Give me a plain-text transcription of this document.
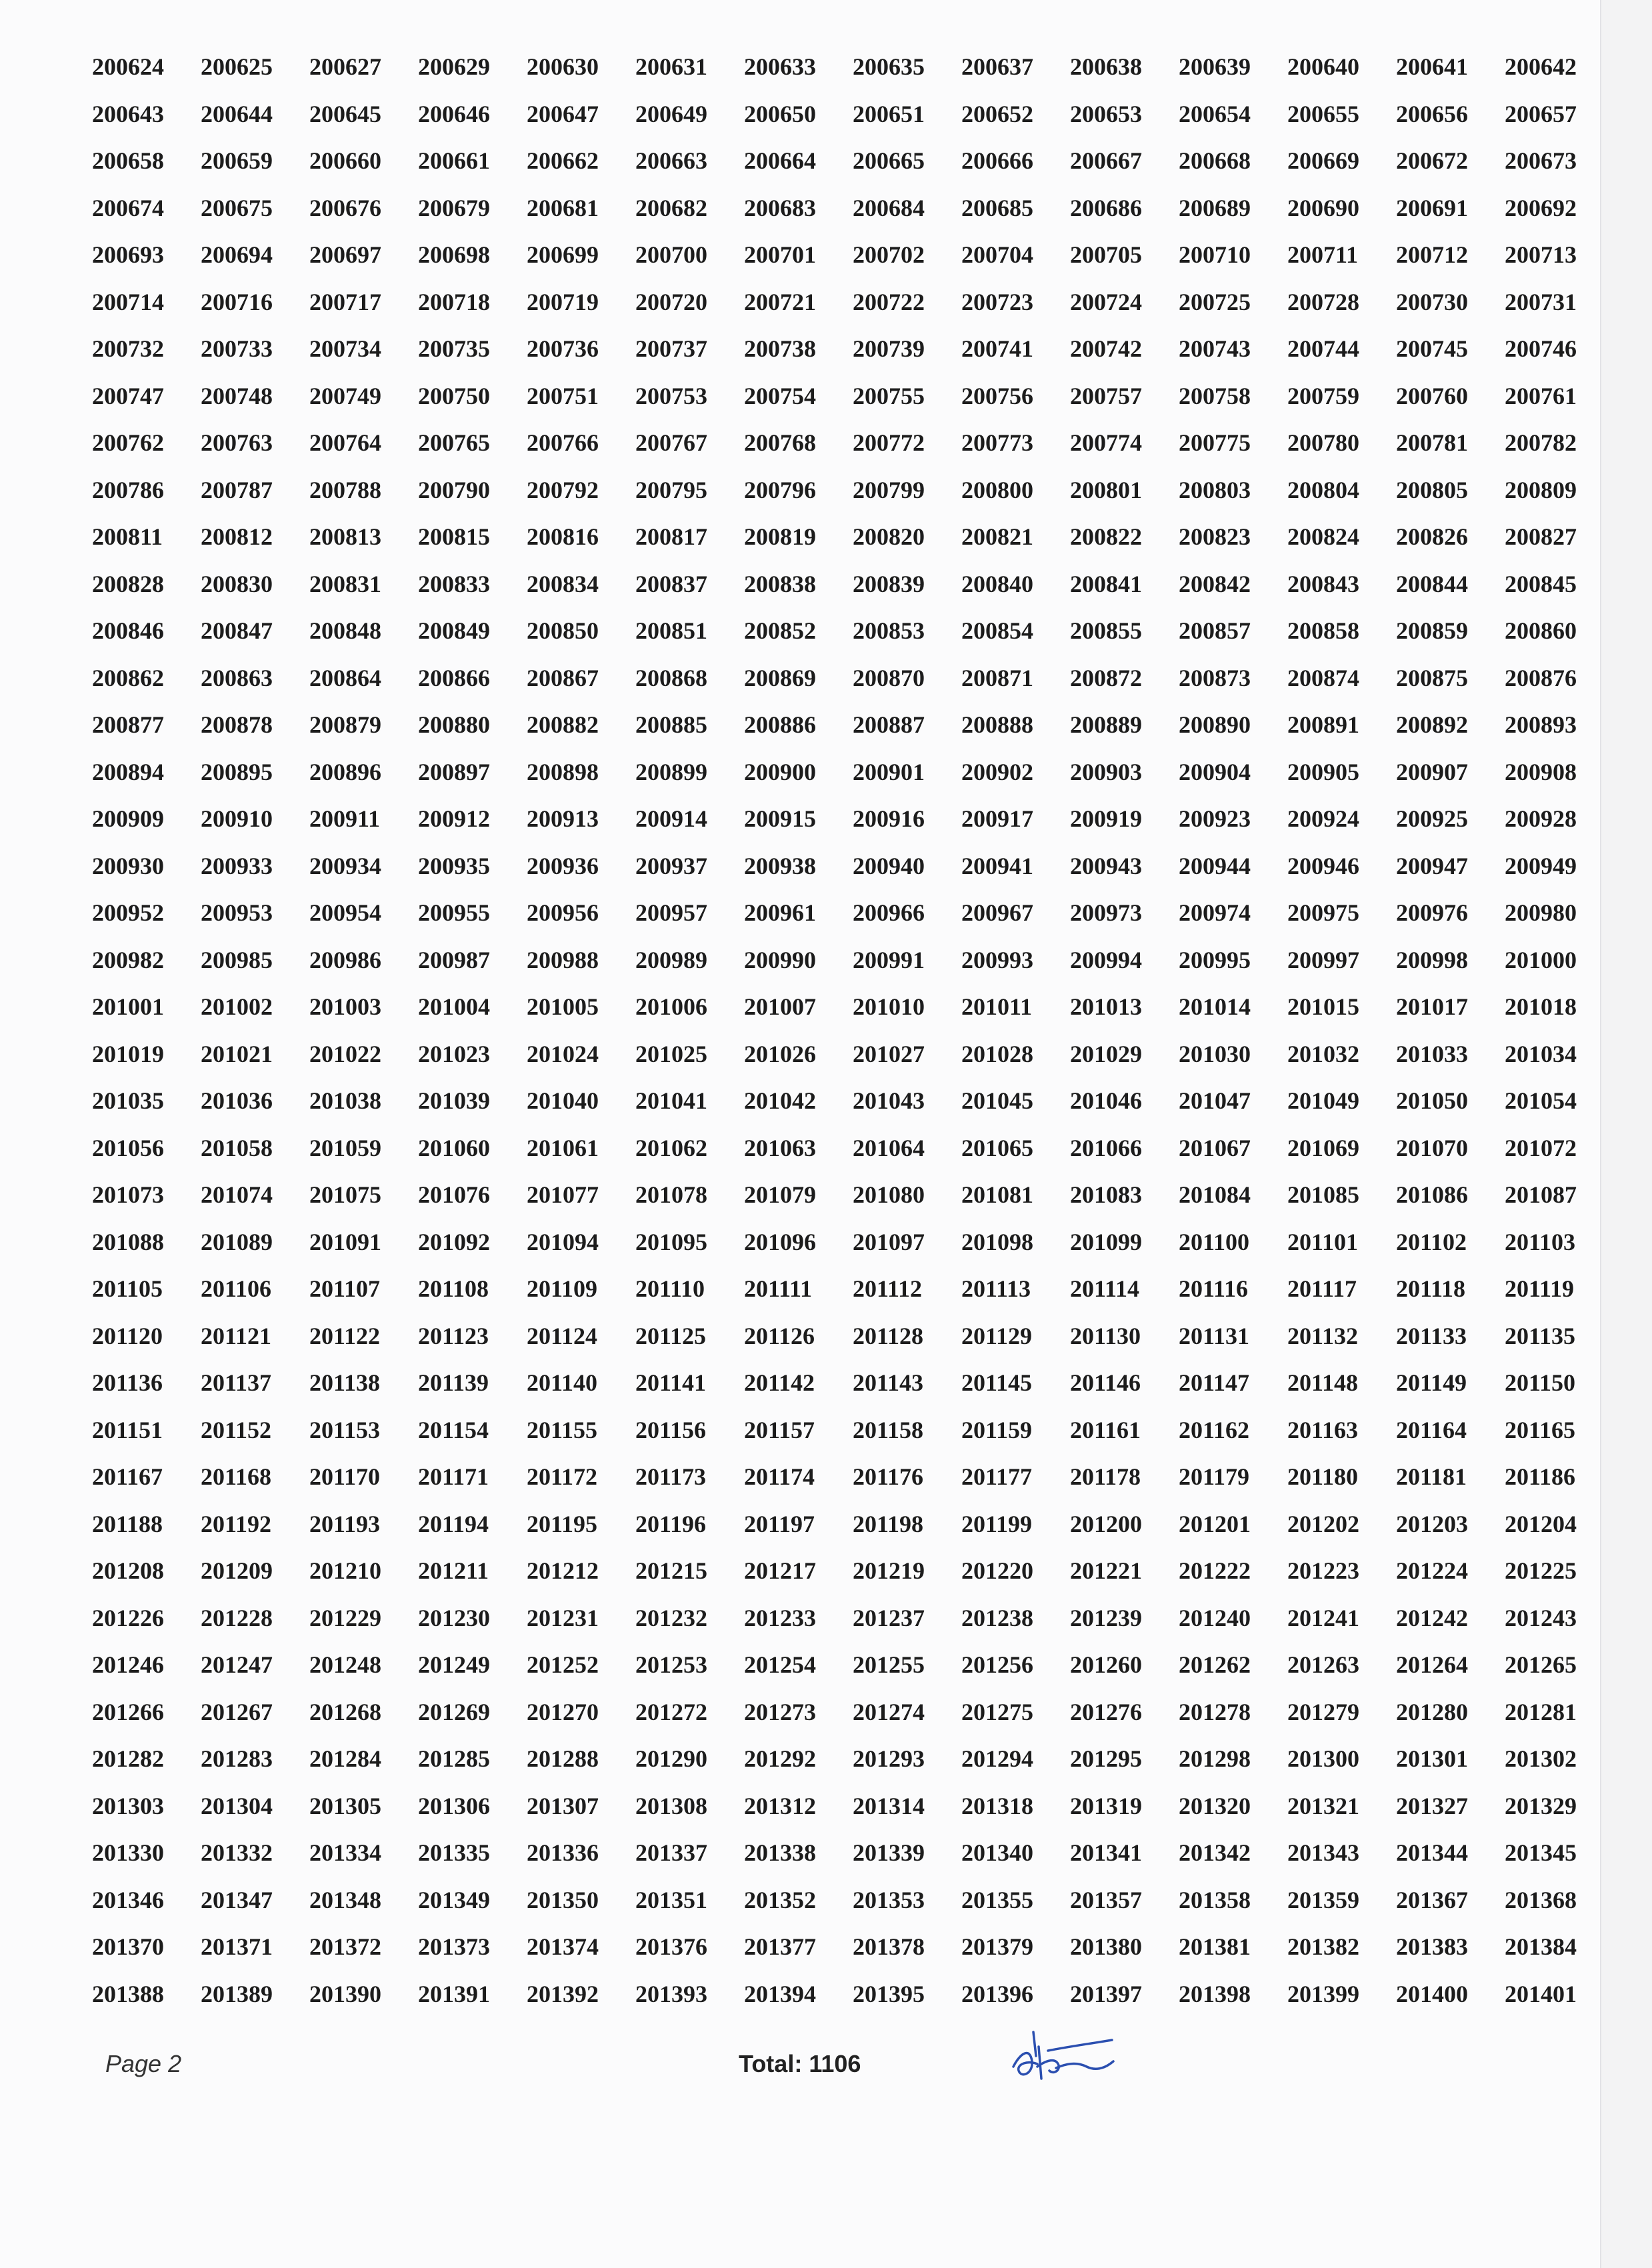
200624	200625	200627	200629	200630	200631	200633	200635	200637	200638	200639	200640	200641	200642
200643	200644	200645	200646	200647	200649	200650	200651	200652	200653	200654	200655	200656	200657
200658	200659	200660	200661	200662	200663	200664	200665	200666	200667	200668	200669	200672	200673
200674	200675	200676	200679	200681	200682	200683	200684	200685	200686	200689	200690	200691	200692
200693	200694	200697	200698	200699	200700	200701	200702	200704	200705	200710	200711	200712	200713
200714	200716	200717	200718	200719	200720	200721	200722	200723	200724	200725	200728	200730	200731
200732	200733	200734	200735	200736	200737	200738	200739	200741	200742	200743	200744	200745	200746
200747	200748	200749	200750	200751	200753	200754	200755	200756	200757	200758	200759	200760	200761
200762	200763	200764	200765	200766	200767	200768	200772	200773	200774	200775	200780	200781	200782
200786	200787	200788	200790	200792	200795	200796	200799	200800	200801	200803	200804	200805	200809
200811	200812	200813	200815	200816	200817	200819	200820	200821	200822	200823	200824	200826	200827
200828	200830	200831	200833	200834	200837	200838	200839	200840	200841	200842	200843	200844	200845
200846	200847	200848	200849	200850	200851	200852	200853	200854	200855	200857	200858	200859	200860
200862	200863	200864	200866	200867	200868	200869	200870	200871	200872	200873	200874	200875	200876
200877	200878	200879	200880	200882	200885	200886	200887	200888	200889	200890	200891	200892	200893
200894	200895	200896	200897	200898	200899	200900	200901	200902	200903	200904	200905	200907	200908
200909	200910	200911	200912	200913	200914	200915	200916	200917	200919	200923	200924	200925	200928
200930	200933	200934	200935	200936	200937	200938	200940	200941	200943	200944	200946	200947	200949
200952	200953	200954	200955	200956	200957	200961	200966	200967	200973	200974	200975	200976	200980
200982	200985	200986	200987	200988	200989	200990	200991	200993	200994	200995	200997	200998	201000
201001	201002	201003	201004	201005	201006	201007	201010	201011	201013	201014	201015	201017	201018
201019	201021	201022	201023	201024	201025	201026	201027	201028	201029	201030	201032	201033	201034
201035	201036	201038	201039	201040	201041	201042	201043	201045	201046	201047	201049	201050	201054
201056	201058	201059	201060	201061	201062	201063	201064	201065	201066	201067	201069	201070	201072
201073	201074	201075	201076	201077	201078	201079	201080	201081	201083	201084	201085	201086	201087
201088	201089	201091	201092	201094	201095	201096	201097	201098	201099	201100	201101	201102	201103
201105	201106	201107	201108	201109	201110	201111	201112	201113	201114	201116	201117	201118	201119
201120	201121	201122	201123	201124	201125	201126	201128	201129	201130	201131	201132	201133	201135
201136	201137	201138	201139	201140	201141	201142	201143	201145	201146	201147	201148	201149	201150
201151	201152	201153	201154	201155	201156	201157	201158	201159	201161	201162	201163	201164	201165
201167	201168	201170	201171	201172	201173	201174	201176	201177	201178	201179	201180	201181	201186
201188	201192	201193	201194	201195	201196	201197	201198	201199	201200	201201	201202	201203	201204
201208	201209	201210	201211	201212	201215	201217	201219	201220	201221	201222	201223	201224	201225
201226	201228	201229	201230	201231	201232	201233	201237	201238	201239	201240	201241	201242	201243
201246	201247	201248	201249	201252	201253	201254	201255	201256	201260	201262	201263	201264	201265
201266	201267	201268	201269	201270	201272	201273	201274	201275	201276	201278	201279	201280	201281
201282	201283	201284	201285	201288	201290	201292	201293	201294	201295	201298	201300	201301	201302
201303	201304	201305	201306	201307	201308	201312	201314	201318	201319	201320	201321	201327	201329
201330	201332	201334	201335	201336	201337	201338	201339	201340	201341	201342	201343	201344	201345
201346	201347	201348	201349	201350	201351	201352	201353	201355	201357	201358	201359	201367	201368
201370	201371	201372	201373	201374	201376	201377	201378	201379	201380	201381	201382	201383	201384
201388	201389	201390	201391	201392	201393	201394	201395	201396	201397	201398	201399	201400	201401
Page 2	Total: 1106
